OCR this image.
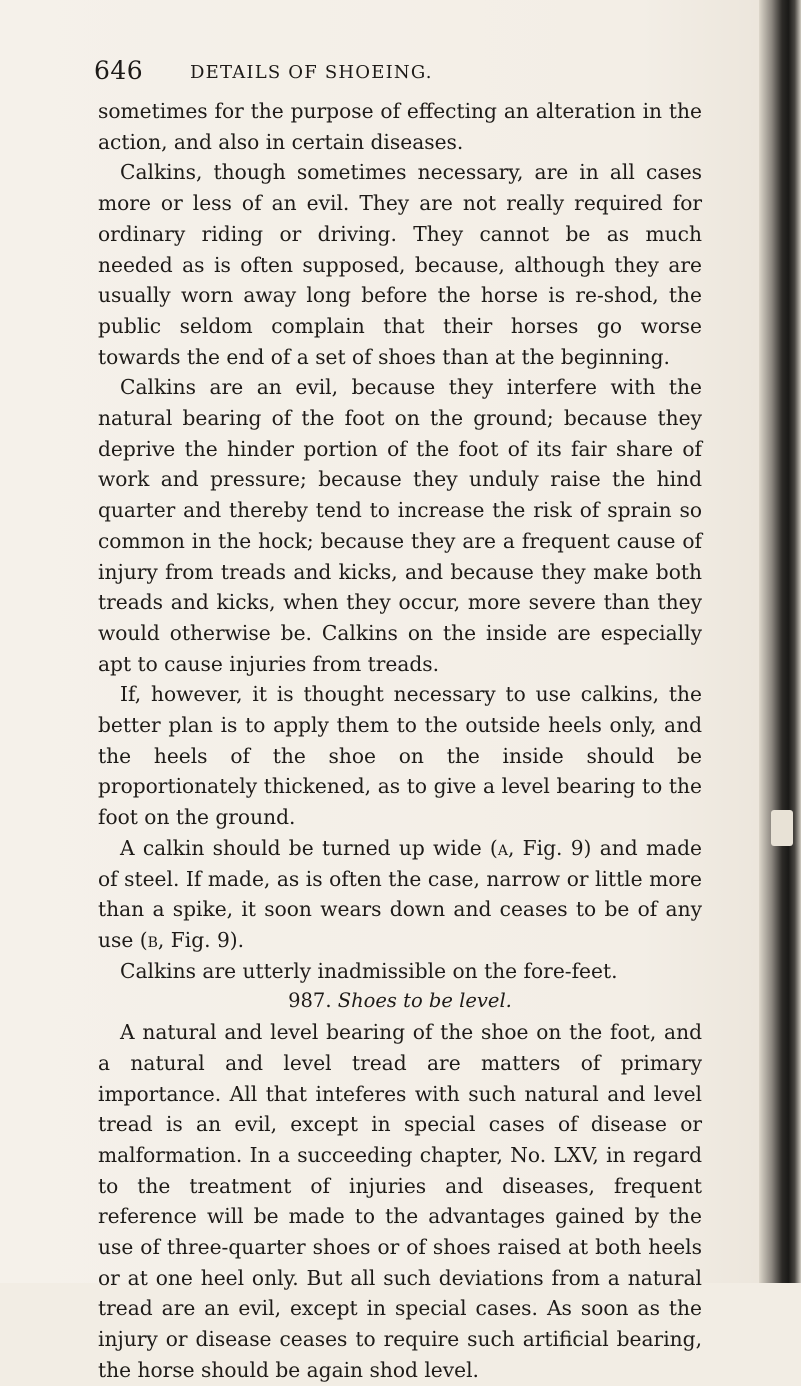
646	DETAILS OF SHOEING.

sometimes for the purpose of effecting an alteration in the action, and also in certain diseases.

Calkins, though sometimes necessary, are in all cases more or less of an evil. They are not really required for ordinary riding or driving. They cannot be as much needed as is often supposed, because, although they are usually worn away long before the horse is re-shod, the public seldom complain that their horses go worse towards the end of a set of shoes than at the beginning.

Calkins are an evil, because they interfere with the natural bearing of the foot on the ground; because they deprive the hinder portion of the foot of its fair share of work and pressure; because they unduly raise the hind quarter and thereby tend to increase the risk of sprain so common in the hock; because they are a frequent cause of injury from treads and kicks, and because they make both treads and kicks, when they occur, more severe than they would otherwise be. Calkins on the inside are especially apt to cause injuries from treads.

If, however, it is thought necessary to use calkins, the better plan is to apply them to the outside heels only, and the heels of the shoe on the inside should be proportionately thickened, as to give a level bearing to the foot on the ground.

A calkin should be turned up wide (a, Fig. 9) and made of steel. If made, as is often the case, narrow or little more than a spike, it soon wears down and ceases to be of any use (b, Fig. 9).

Calkins are utterly inadmissible on the fore-feet.

987. Shoes to be level.

A natural and level bearing of the shoe on the foot, and a natural and level tread are matters of primary importance. All that inteferes with such natural and level tread is an evil, except in special cases of disease or malformation. In a succeeding chapter, No. LXV, in regard to the treatment of injuries and diseases, frequent reference will be made to the advantages gained by the use of three-quarter shoes or of shoes raised at both heels or at one heel only. But all such deviations from a natural tread are an evil, except in special cases. As soon as the injury or disease ceases to require such artificial bearing, the horse should be again shod level.
